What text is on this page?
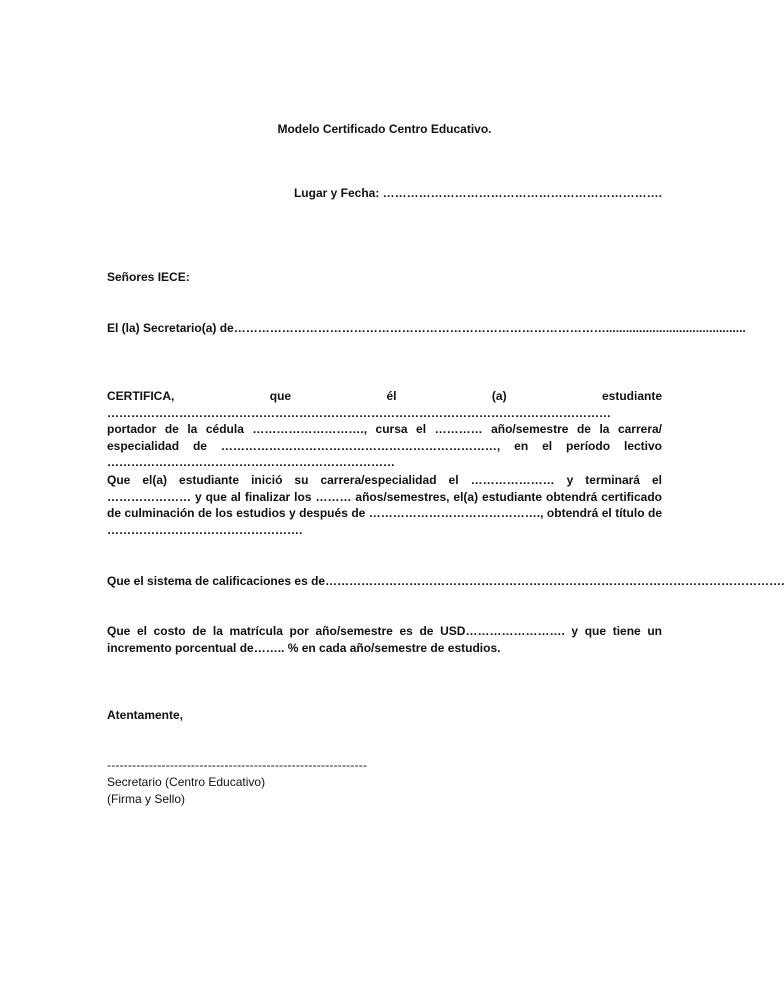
Modelo Certificado Centro Educativo.

Lugar y Fecha: …………………………………………………………….

Señores IECE:

El (la) Secretario(a) de…………………………………………………………………………………..........................................

CERTIFICA, que él (a) estudiante ……………………………………………………………………………………………………………… portador de la cédula ………………………., cursa el ………… año/semestre de la carrera/ especialidad de ……………………………………………………………, en el período lectivo ………………………………………………………………

Que el(a) estudiante inició su carrera/especialidad el ………………… y terminará el ………………… y que al finalizar los ……… años/semestres, el(a) estudiante obtendrá certificado de culminación de los estudios y después de ……………………………………., obtendrá el título de ………………………………………….

Que el sistema de calificaciones es de…………………………………………………………………………………………………….

Que el costo de la matrícula por año/semestre es de USD……………………. y que tiene un incremento porcentual de…….. % en cada año/semestre de estudios.

Atentamente,

--------------------------------------------------------------

Secretario (Centro Educativo)

(Firma y Sello)
